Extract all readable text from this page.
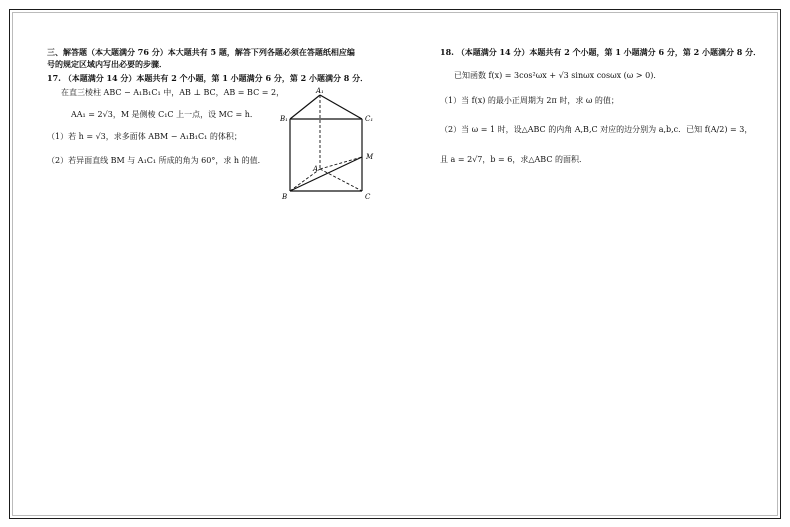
三、解答题（本大题满分 76 分）本大题共有 5 题，解答下列各题必须在答题纸相应编
号的规定区域内写出必要的步骤．
17. （本题满分 14 分）本题共有 2 个小题，第 1 小题满分 6 分，第 2 小题满分 8 分．
在直三棱柱 ABC − A₁B₁C₁ 中，AB ⊥ BC，AB = BC = 2，
AA₁ = 2√3，M 是侧棱 C₁C 上一点，设 MC = h．
（1）若 h = √3，求多面体 ABM − A₁B₁C₁ 的体积；
（2）若异面直线 BM 与 A₁C₁ 所成的角为 60°，求 h 的值．
A₁
B₁	C₁
A
B	C
M
18. （本题满分 14 分）本题共有 2 个小题，第 1 小题满分 6 分，第 2 小题满分 8 分．
已知函数 f(x) = 3cos²ωx + √3 sinωx cosωx (ω > 0)．
（1）当 f(x) 的最小正周期为 2π 时，求 ω 的值；
（2）当 ω = 1 时，设△ABC 的内角 A,B,C 对应的边分别为 a,b,c．已知 f(A/2) = 3，
且 a = 2√7，b = 6，求△ABC 的面积．
